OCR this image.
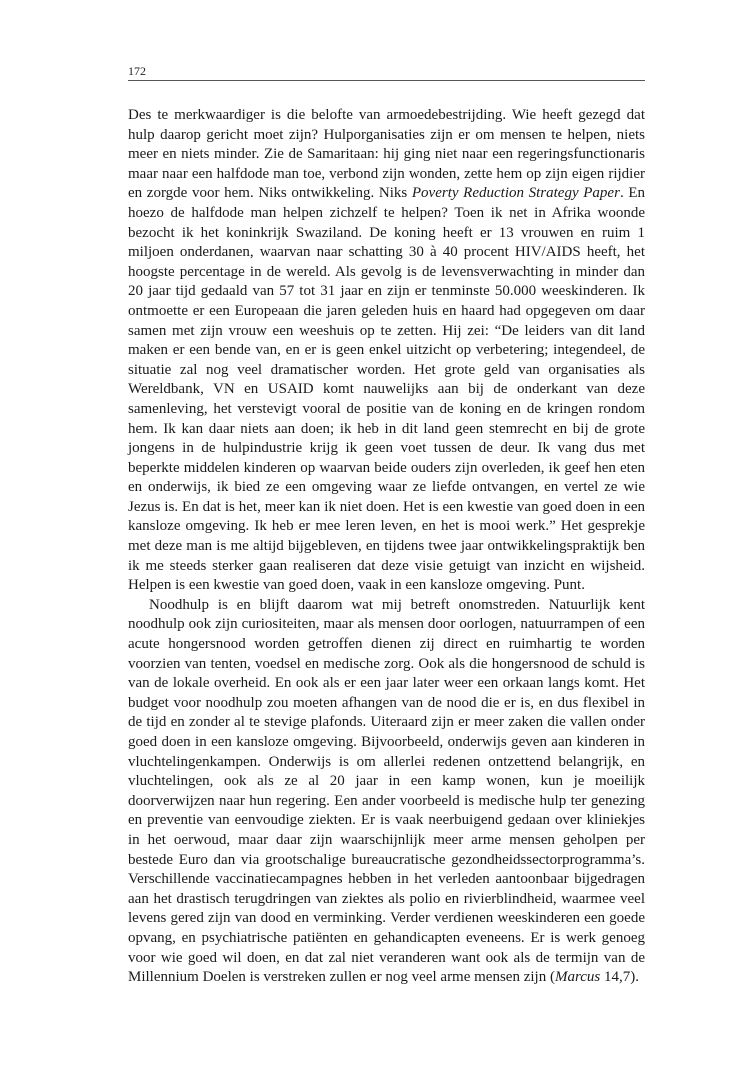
172

Des te merkwaardiger is die belofte van armoedebestrijding. Wie heeft gezegd dat hulp daarop gericht moet zijn? Hulporganisaties zijn er om mensen te helpen, niets meer en niets minder. Zie de Samaritaan: hij ging niet naar een regeringsfunctionaris maar naar een halfdode man toe, verbond zijn wonden, zette hem op zijn eigen rijdier en zorgde voor hem. Niks ontwikkeling. Niks Poverty Reduction Strategy Paper. En hoezo de halfdode man helpen zichzelf te helpen? Toen ik net in Afrika woonde bezocht ik het koninkrijk Swaziland. De koning heeft er 13 vrouwen en ruim 1 miljoen onderdanen, waarvan naar schatting 30 à 40 procent HIV/AIDS heeft, het hoogste percentage in de wereld. Als gevolg is de levensverwachting in minder dan 20 jaar tijd gedaald van 57 tot 31 jaar en zijn er tenminste 50.000 weeskinderen. Ik ontmoette er een Europeaan die jaren geleden huis en haard had opgegeven om daar samen met zijn vrouw een weeshuis op te zetten. Hij zei: “De leiders van dit land maken er een bende van, en er is geen enkel uitzicht op verbetering; integendeel, de situatie zal nog veel dramatischer worden. Het grote geld van organisaties als Wereldbank, VN en USAID komt nauwelijks aan bij de onderkant van deze samenleving, het verstevigt vooral de positie van de koning en de kringen rondom hem. Ik kan daar niets aan doen; ik heb in dit land geen stemrecht en bij de grote jongens in de hulpindustrie krijg ik geen voet tussen de deur. Ik vang dus met beperkte middelen kinderen op waarvan beide ouders zijn overleden, ik geef hen eten en onderwijs, ik bied ze een omgeving waar ze liefde ontvangen, en vertel ze wie Jezus is. En dat is het, meer kan ik niet doen. Het is een kwestie van goed doen in een kansloze omgeving. Ik heb er mee leren leven, en het is mooi werk.” Het gesprekje met deze man is me altijd bijgebleven, en tijdens twee jaar ontwikkelingspraktijk ben ik me steeds sterker gaan realiseren dat deze visie getuigt van inzicht en wijsheid. Helpen is een kwestie van goed doen, vaak in een kansloze omgeving. Punt.

Noodhulp is en blijft daarom wat mij betreft onomstreden. Natuurlijk kent noodhulp ook zijn curiositeiten, maar als mensen door oorlogen, natuurrampen of een acute hongersnood worden getroffen dienen zij direct en ruimhartig te worden voorzien van tenten, voedsel en medische zorg. Ook als die hongersnood de schuld is van de lokale overheid. En ook als er een jaar later weer een orkaan langs komt. Het budget voor noodhulp zou moeten afhangen van de nood die er is, en dus flexibel in de tijd en zonder al te stevige plafonds. Uiteraard zijn er meer zaken die vallen onder goed doen in een kansloze omgeving. Bijvoorbeeld, onderwijs geven aan kinderen in vluchtelingenkampen. Onderwijs is om allerlei redenen ontzettend belangrijk, en vluchtelingen, ook als ze al 20 jaar in een kamp wonen, kun je moeilijk doorverwijzen naar hun regering. Een ander voorbeeld is medische hulp ter genezing en preventie van eenvoudige ziekten. Er is vaak neerbuigend gedaan over kliniekjes in het oerwoud, maar daar zijn waarschijnlijk meer arme mensen geholpen per bestede Euro dan via grootschalige bureaucratische gezondheidssectorprogramma’s. Verschillende vaccinatiecampagnes hebben in het verleden aantoonbaar bijgedragen aan het drastisch terugdringen van ziektes als polio en rivierblindheid, waarmee veel levens gered zijn van dood en verminking. Verder verdienen weeskinderen een goede opvang, en psychiatrische patiënten en gehandicapten eveneens. Er is werk genoeg voor wie goed wil doen, en dat zal niet veranderen want ook als de termijn van de Millennium Doelen is verstreken zullen er nog veel arme mensen zijn (Marcus 14,7).
